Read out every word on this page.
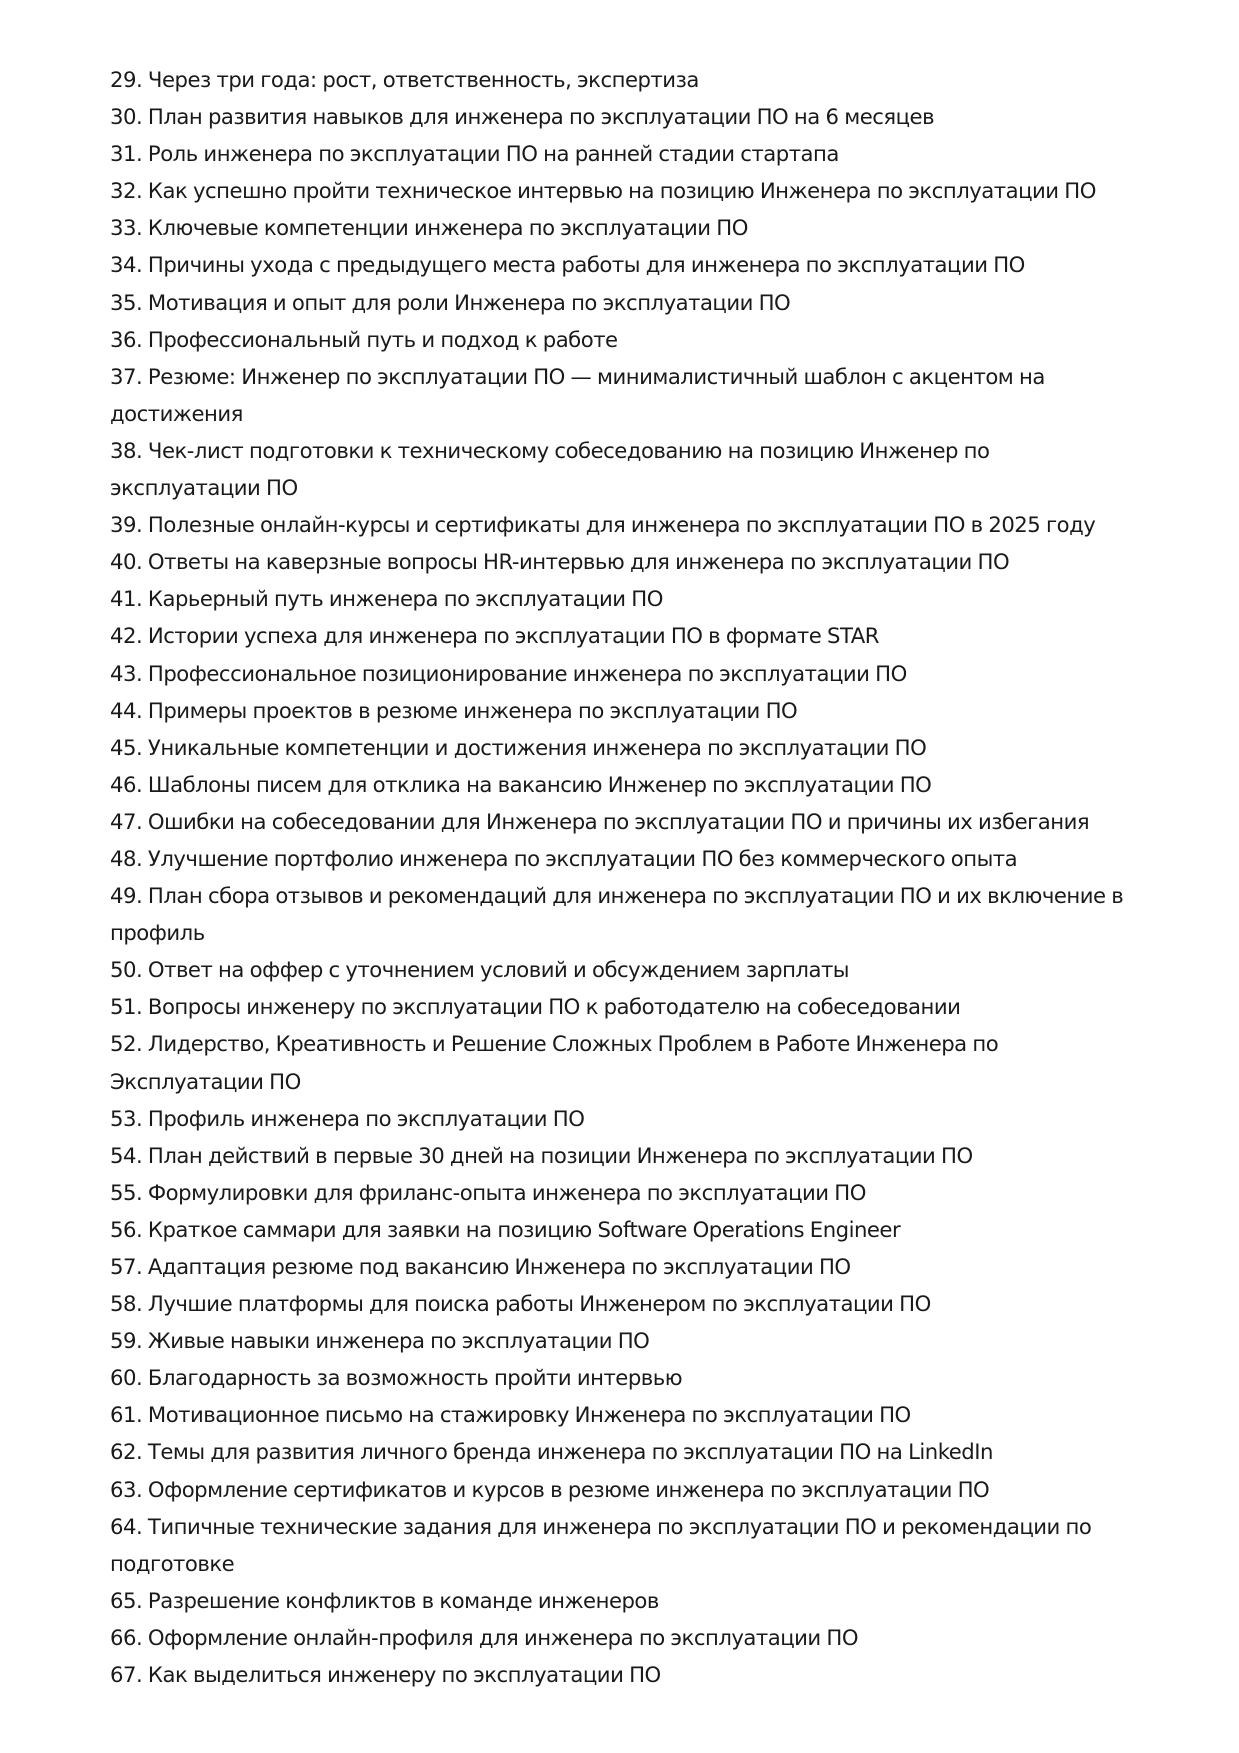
29. Через три года: рост, ответственность, экспертиза
30. План развития навыков для инженера по эксплуатации ПО на 6 месяцев
31. Роль инженера по эксплуатации ПО на ранней стадии стартапа
32. Как успешно пройти техническое интервью на позицию Инженера по эксплуатации ПО
33. Ключевые компетенции инженера по эксплуатации ПО
34. Причины ухода с предыдущего места работы для инженера по эксплуатации ПО
35. Мотивация и опыт для роли Инженера по эксплуатации ПО
36. Профессиональный путь и подход к работе
37. Резюме: Инженер по эксплуатации ПО — минималистичный шаблон с акцентом на достижения
38. Чек-лист подготовки к техническому собеседованию на позицию Инженер по эксплуатации ПО
39. Полезные онлайн-курсы и сертификаты для инженера по эксплуатации ПО в 2025 году
40. Ответы на каверзные вопросы HR-интервью для инженера по эксплуатации ПО
41. Карьерный путь инженера по эксплуатации ПО
42. Истории успеха для инженера по эксплуатации ПО в формате STAR
43. Профессиональное позиционирование инженера по эксплуатации ПО
44. Примеры проектов в резюме инженера по эксплуатации ПО
45. Уникальные компетенции и достижения инженера по эксплуатации ПО
46. Шаблоны писем для отклика на вакансию Инженер по эксплуатации ПО
47. Ошибки на собеседовании для Инженера по эксплуатации ПО и причины их избегания
48. Улучшение портфолио инженера по эксплуатации ПО без коммерческого опыта
49. План сбора отзывов и рекомендаций для инженера по эксплуатации ПО и их включение в профиль
50. Ответ на оффер с уточнением условий и обсуждением зарплаты
51. Вопросы инженеру по эксплуатации ПО к работодателю на собеседовании
52. Лидерство, Креативность и Решение Сложных Проблем в Работе Инженера по Эксплуатации ПО
53. Профиль инженера по эксплуатации ПО
54. План действий в первые 30 дней на позиции Инженера по эксплуатации ПО
55. Формулировки для фриланс-опыта инженера по эксплуатации ПО
56. Краткое саммари для заявки на позицию Software Operations Engineer
57. Адаптация резюме под вакансию Инженера по эксплуатации ПО
58. Лучшие платформы для поиска работы Инженером по эксплуатации ПО
59. Живые навыки инженера по эксплуатации ПО
60. Благодарность за возможность пройти интервью
61. Мотивационное письмо на стажировку Инженера по эксплуатации ПО
62. Темы для развития личного бренда инженера по эксплуатации ПО на LinkedIn
63. Оформление сертификатов и курсов в резюме инженера по эксплуатации ПО
64. Типичные технические задания для инженера по эксплуатации ПО и рекомендации по подготовке
65. Разрешение конфликтов в команде инженеров
66. Оформление онлайн-профиля для инженера по эксплуатации ПО
67. Как выделиться инженеру по эксплуатации ПО
